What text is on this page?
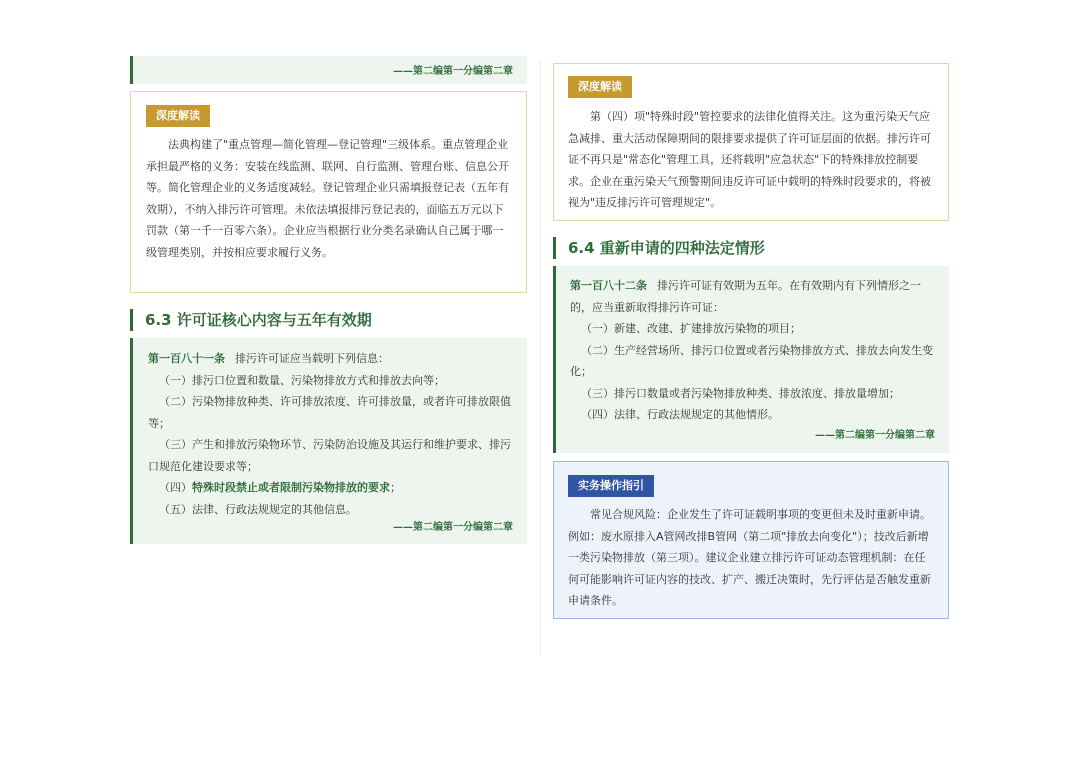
——第二编第一分编第二章
深度解读

法典构建了"重点管理—简化管理—登记管理"三级体系。重点管理企业承担最严格的义务：安装在线监测、联网、自行监测、管理台账、信息公开等。简化管理企业的义务适度减轻。登记管理企业只需填报登记表（五年有效期），不纳入排污许可管理。未依法填报排污登记表的，面临五万元以下罚款（第一千一百零六条）。企业应当根据行业分类名录确认自己属于哪一级管理类别，并按相应要求履行义务。

6.3 许可证核心内容与五年有效期

第一百八十一条 排污许可证应当载明下列信息：

（一）排污口位置和数量、污染物排放方式和排放去向等；

（二）污染物排放种类、许可排放浓度、许可排放量，或者许可排放限值等；

（三）产生和排放污染物环节、污染防治设施及其运行和维护要求、排污口规范化建设要求等；

（四）特殊时段禁止或者限制污染物排放的要求；

（五）法律、行政法规规定的其他信息。

——第二编第一分编第二章
深度解读

第（四）项"特殊时段"管控要求的法律化值得关注。这为重污染天气应急减排、重大活动保障期间的限排要求提供了许可证层面的依据。排污许可证不再只是"常态化"管理工具，还将载明"应急状态"下的特殊排放控制要求。企业在重污染天气预警期间违反许可证中载明的特殊时段要求的，将被视为"违反排污许可管理规定"。

6.4 重新申请的四种法定情形

第一百八十二条 排污许可证有效期为五年。在有效期内有下列情形之一的，应当重新取得排污许可证：

（一）新建、改建、扩建排放污染物的项目；

（二）生产经营场所、排污口位置或者污染物排放方式、排放去向发生变化；

（三）排污口数量或者污染物排放种类、排放浓度、排放量增加；

（四）法律、行政法规规定的其他情形。

——第二编第一分编第二章
实务操作指引

常见合规风险：企业发生了许可证载明事项的变更但未及时重新申请。例如：废水原排入A管网改排B管网（第二项"排放去向变化"）；技改后新增一类污染物排放（第三项）。建议企业建立排污许可证动态管理机制：在任何可能影响许可证内容的技改、扩产、搬迁决策时，先行评估是否触发重新申请条件。
